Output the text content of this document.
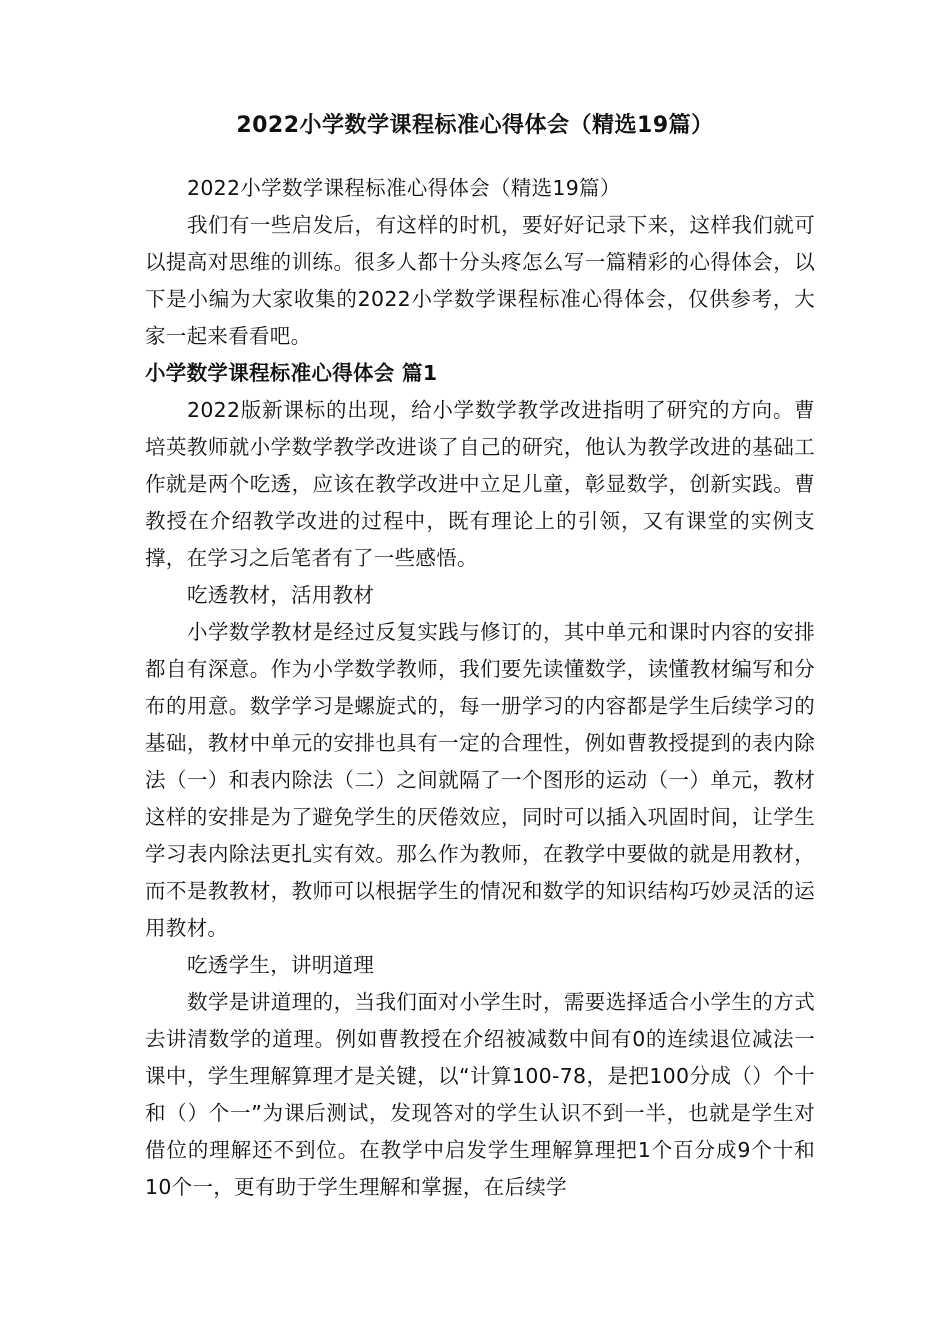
2022小学数学课程标准心得体会（精选19篇）

2022小学数学课程标准心得体会（精选19篇）

我们有一些启发后，有这样的时机，要好好记录下来，这样我们就可以提高对思维的训练。很多人都十分头疼怎么写一篇精彩的心得体会，以下是小编为大家收集的2022小学数学课程标准心得体会，仅供参考，大家一起来看看吧。

小学数学课程标准心得体会 篇1

2022版新课标的出现，给小学数学教学改进指明了研究的方向。曹培英教师就小学数学教学改进谈了自己的研究，他认为教学改进的基础工作就是两个吃透，应该在教学改进中立足儿童，彰显数学，创新实践。曹教授在介绍教学改进的过程中，既有理论上的引领，又有课堂的实例支撑，在学习之后笔者有了一些感悟。

吃透教材，活用教材

小学数学教材是经过反复实践与修订的，其中单元和课时内容的安排都自有深意。作为小学数学教师，我们要先读懂数学，读懂教材编写和分布的用意。数学学习是螺旋式的，每一册学习的内容都是学生后续学习的基础，教材中单元的安排也具有一定的合理性，例如曹教授提到的表内除法（一）和表内除法（二）之间就隔了一个图形的运动（一）单元，教材这样的安排是为了避免学生的厌倦效应，同时可以插入巩固时间，让学生学习表内除法更扎实有效。那么作为教师，在教学中要做的就是用教材，而不是教教材，教师可以根据学生的情况和数学的知识结构巧妙灵活的运用教材。

吃透学生，讲明道理

数学是讲道理的，当我们面对小学生时，需要选择适合小学生的方式去讲清数学的道理。例如曹教授在介绍被减数中间有0的连续退位减法一课中，学生理解算理才是关键，以“计算100-78，是把100分成（）个十和（）个一”为课后测试，发现答对的学生认识不到一半，也就是学生对借位的理解还不到位。在教学中启发学生理解算理把1个百分成9个十和10个一，更有助于学生理解和掌握，在后续学
